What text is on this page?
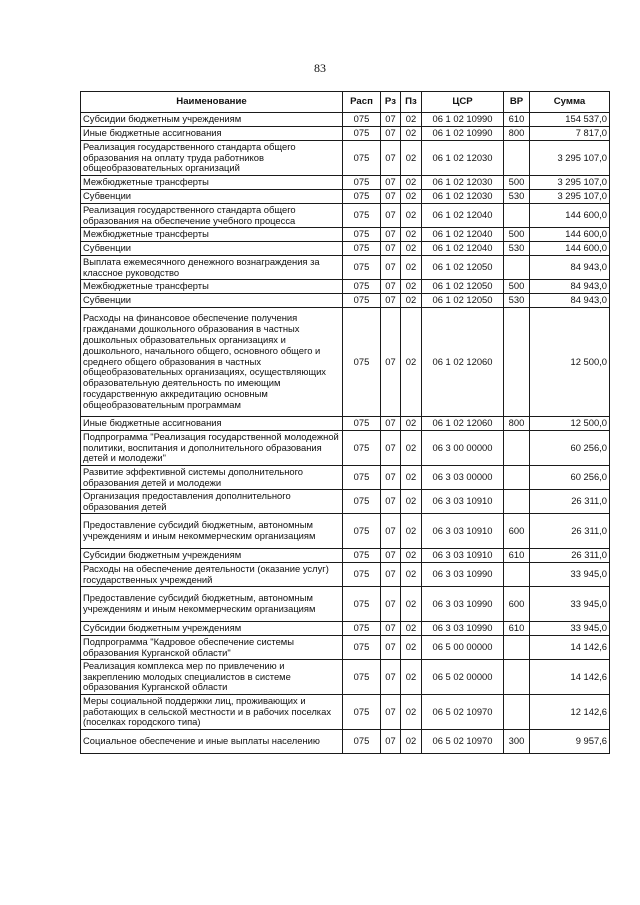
83
Наименование	Расп	Рз	Пз	ЦСР	ВР	Сумма
Субсидии бюджетным учреждениям	075	07	02	06 1 02 10990	610	154 537,0
Иные бюджетные ассигнования	075	07	02	06 1 02 10990	800	7 817,0
Реализация государственного стандарта общего образования на оплату труда работников общеобразовательных организаций	075	07	02	06 1 02 12030		3 295 107,0
Межбюджетные трансферты	075	07	02	06 1 02 12030	500	3 295 107,0
Субвенции	075	07	02	06 1 02 12030	530	3 295 107,0
Реализация государственного стандарта общего образования на обеспечение учебного процесса	075	07	02	06 1 02 12040		144 600,0
Межбюджетные трансферты	075	07	02	06 1 02 12040	500	144 600,0
Субвенции	075	07	02	06 1 02 12040	530	144 600,0
Выплата ежемесячного денежного вознаграждения за классное руководство	075	07	02	06 1 02 12050		84 943,0
Межбюджетные трансферты	075	07	02	06 1 02 12050	500	84 943,0
Субвенции	075	07	02	06 1 02 12050	530	84 943,0
Расходы на финансовое обеспечение получения гражданами дошкольного образования в частных дошкольных образовательных организациях и дошкольного, начального общего, основного общего и среднего общего образования в частных общеобразовательных организациях, осуществляющих образовательную деятельность по имеющим государственную аккредитацию основным общеобразовательным программам	075	07	02	06 1 02 12060		12 500,0
Иные бюджетные ассигнования	075	07	02	06 1 02 12060	800	12 500,0
Подпрограмма "Реализация государственной молодежной политики, воспитания и дополнительного образования детей и молодежи"	075	07	02	06 3 00 00000		60 256,0
Развитие эффективной системы дополнительного образования детей и молодежи	075	07	02	06 3 03 00000		60 256,0
Организация предоставления дополнительного образования детей	075	07	02	06 3 03 10910		26 311,0
Предоставление субсидий бюджетным, автономным учреждениям и иным некоммерческим организациям	075	07	02	06 3 03 10910	600	26 311,0
Субсидии бюджетным учреждениям	075	07	02	06 3 03 10910	610	26 311,0
Расходы на обеспечение деятельности (оказание услуг) государственных учреждений	075	07	02	06 3 03 10990		33 945,0
Предоставление субсидий бюджетным, автономным учреждениям и иным некоммерческим организациям	075	07	02	06 3 03 10990	600	33 945,0
Субсидии бюджетным учреждениям	075	07	02	06 3 03 10990	610	33 945,0
Подпрограмма "Кадровое обеспечение системы образования Курганской области"	075	07	02	06 5 00 00000		14 142,6
Реализация комплекса мер по привлечению и закреплению молодых специалистов в системе образования Курганской области	075	07	02	06 5 02 00000		14 142,6
Меры социальной поддержки лиц, проживающих и работающих в сельской местности и в рабочих поселках (поселках городского типа)	075	07	02	06 5 02 10970		12 142,6
Социальное обеспечение и иные выплаты населению	075	07	02	06 5 02 10970	300	9 957,6
